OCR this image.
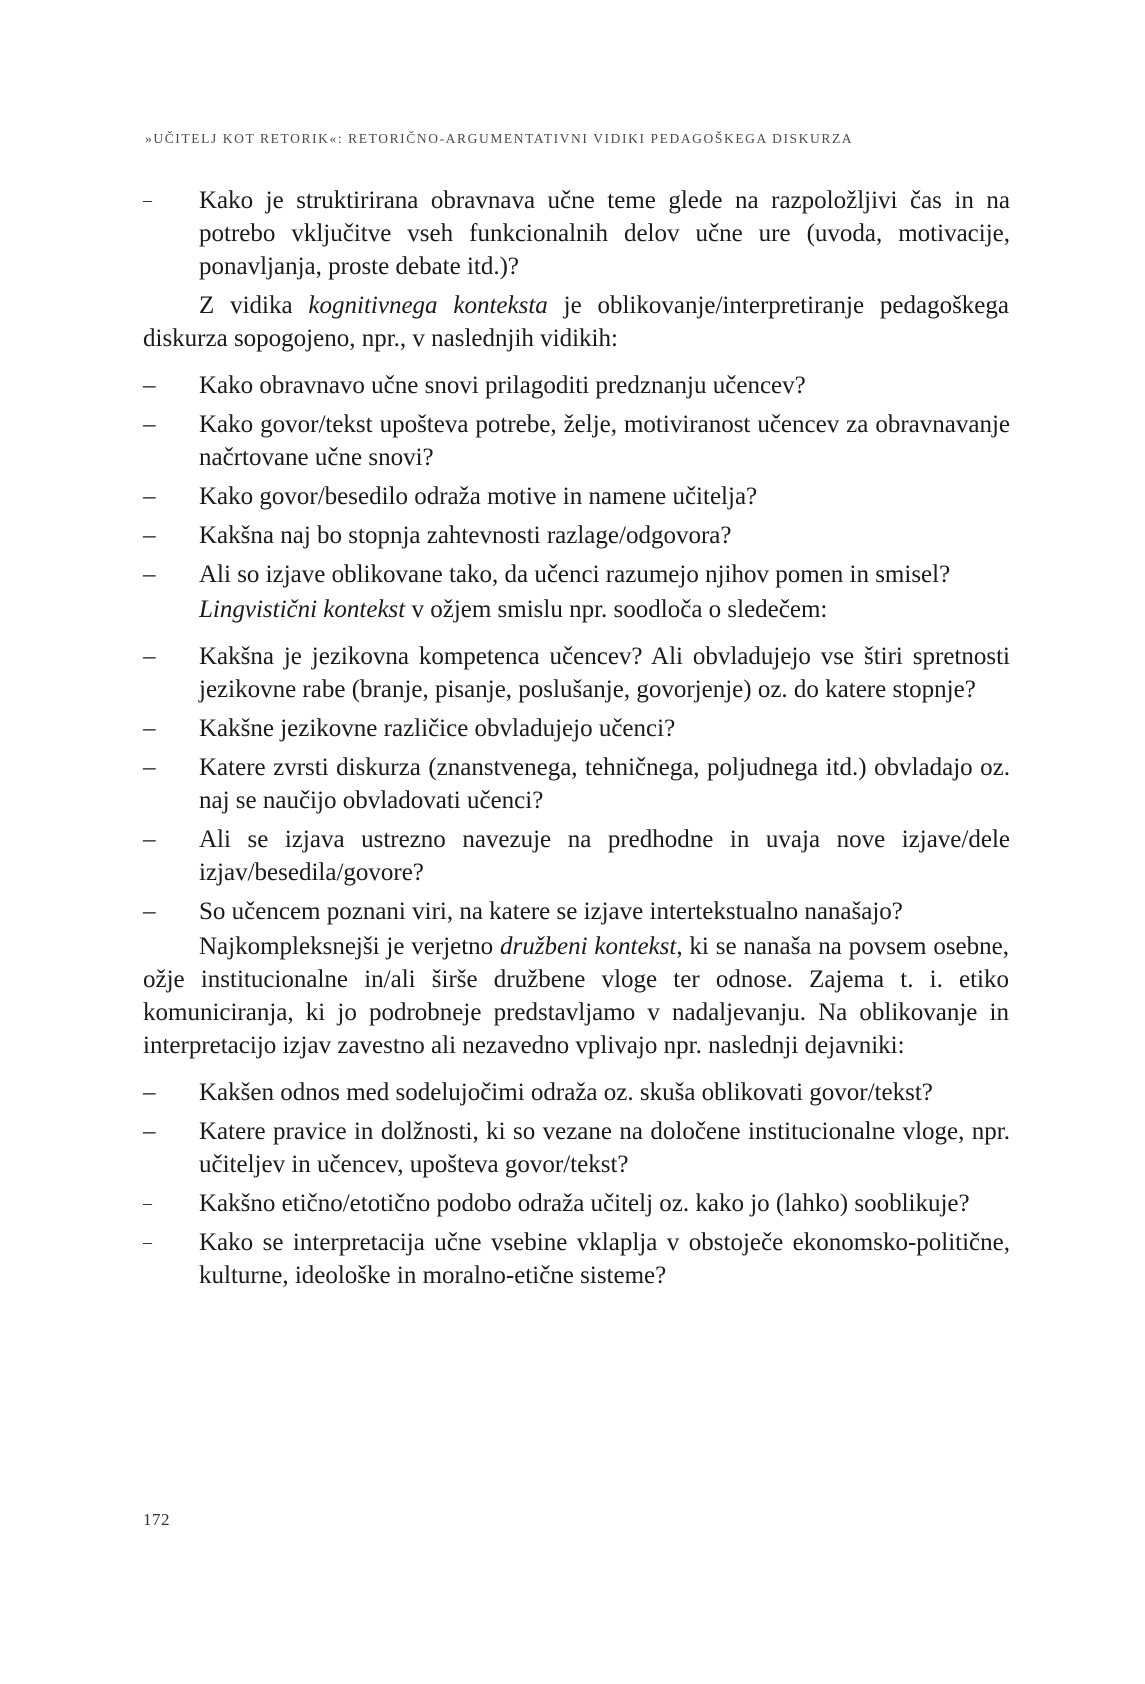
»UČITELJ KOT RETORIK«: RETORIČNO-ARGUMENTATIVNI VIDIKI PEDAGOŠKEGA DISKURZA
–	Kako je struktirirana obravnava učne teme glede na razpoložljivi čas in na potrebo vključitve vseh funkcionalnih delov učne ure (uvoda, motivacije, ponavljanja, proste debate itd.)?

Z vidika kognitivnega konteksta je oblikovanje/interpretiranje pedagoškega diskurza sopogojeno, npr., v naslednjih vidikih:

–	Kako obravnavo učne snovi prilagoditi predznanju učencev?
–	Kako govor/tekst upošteva potrebe, želje, motiviranost učencev za obravnavanje načrtovane učne snovi?
–	Kako govor/besedilo odraža motive in namene učitelja?
–	Kakšna naj bo stopnja zahtevnosti razlage/odgovora?
–	Ali so izjave oblikovane tako, da učenci razumejo njihov pomen in smisel?

Lingvistični kontekst v ožjem smislu npr. soodloča o sledečem:

–	Kakšna je jezikovna kompetenca učencev? Ali obvladujejo vse štiri spretnosti jezikovne rabe (branje, pisanje, poslušanje, govorjenje) oz. do katere stopnje?
–	Kakšne jezikovne različice obvladujejo učenci?
–	Katere zvrsti diskurza (znanstvenega, tehničnega, poljudnega itd.) obvladajo oz. naj se naučijo obvladovati učenci?
–	Ali se izjava ustrezno navezuje na predhodne in uvaja nove izjave/dele izjav/besedila/govore?
–	So učencem poznani viri, na katere se izjave intertekstualno nanašajo?

Najkompleksnejši je verjetno družbeni kontekst, ki se nanaša na povsem osebne, ožje institucionalne in/ali širše družbene vloge ter odnose. Zajema t. i. etiko komuniciranja, ki jo podrobneje predstavljamo v nadaljevanju. Na oblikovanje in interpretacijo izjav zavestno ali nezavedno vplivajo npr. naslednji dejavniki:

–	Kakšen odnos med sodelujočimi odraža oz. skuša oblikovati govor/tekst?
–	Katere pravice in dolžnosti, ki so vezane na določene institucionalne vloge, npr. učiteljev in učencev, upošteva govor/tekst?
–	Kakšno etično/etotično podobo odraža učitelj oz. kako jo (lahko) sooblikuje?
–	Kako se interpretacija učne vsebine vklaplja v obstoječe ekonomsko-politične, kulturne, ideološke in moralno-etične sisteme?
172
